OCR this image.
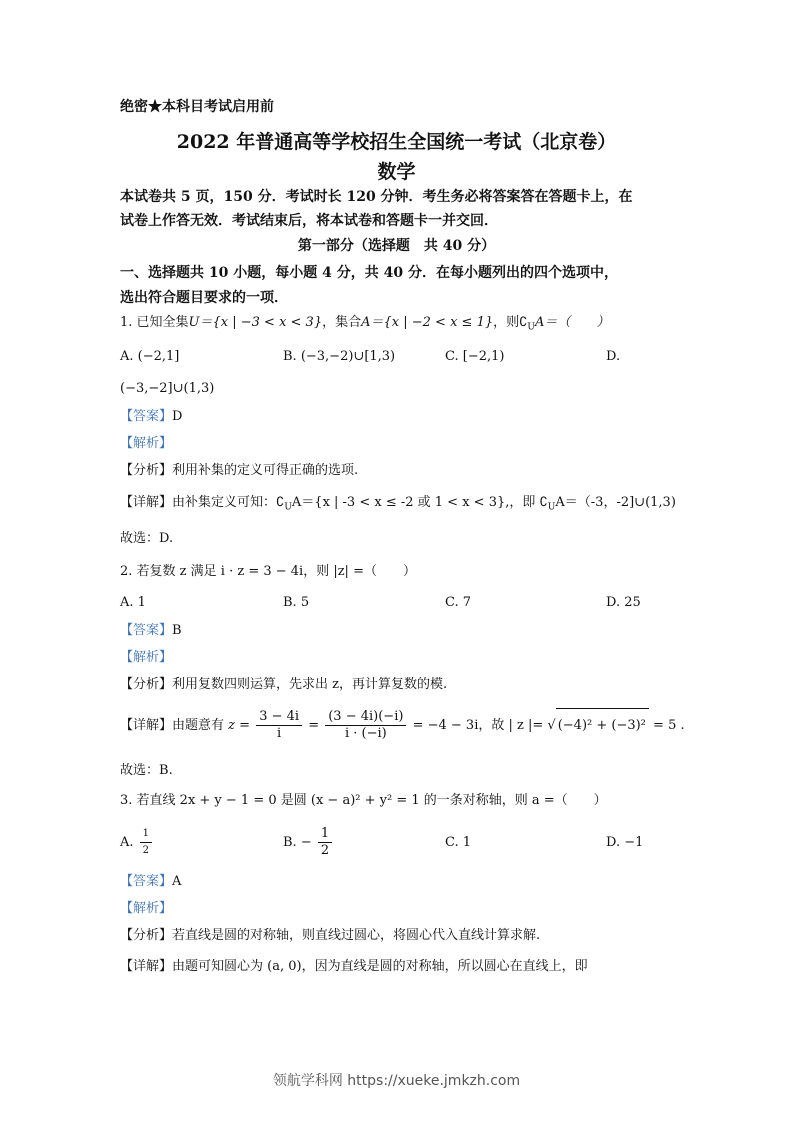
绝密★本科目考试启用前
2022 年普通高等学校招生全国统一考试（北京卷）
数学
本试卷共 5 页，150 分．考试时长 120 分钟．考生务必将答案答在答题卡上，在
试卷上作答无效．考试结束后，将本试卷和答题卡一并交回．
第一部分（选择题　共 40 分）
一、选择题共 10 小题，每小题 4 分，共 40 分．在每小题列出的四个选项中，
选出符合题目要求的一项．
1. 已知全集U＝{x | −3 < x < 3}，集合A＝{x | −2 < x ≤ 1}，则$∁_UA=$（　　）
A. (−2,1]	B. (−3,−2)∪[1,3)	C. [−2,1)	D.
(−3,−2]∪(1,3)
【答案】D
【解析】
【分析】利用补集的定义可得正确的选项.
【详解】由补集定义可知：$∁_UA=\{x$ | -3 < x ≤ -2 或 1 < x < 3},，即 $∁_UA=(-3$，-2]∪(1,3)
故选：D.
2. 若复数 z 满足 i · z = 3 − 4i，则 |z| =（　　）
A. 1	B. 5	C. 7	D. 25
【答案】B
【解析】
【分析】利用复数四则运算，先求出 z，再计算复数的模.
【详解】由题意有 $z = \frac{3 - 4i}{i} = \frac{(3 - 4i)(-i)}{i \cdot (-i)} = -4 - 3i$，故 | z |= √ (−4)² + (−3)² = 5 .
故选：B.
3. 若直线 2x + y − 1 = 0 是圆 (x − a)² + y² = 1 的一条对称轴，则 a =（　　）
A. $\frac{1}{2}$	B. − $\frac{1}{2}$	C. 1	D. −1
【答案】A
【解析】
【分析】若直线是圆的对称轴，则直线过圆心，将圆心代入直线计算求解.
【详解】由题可知圆心为 (a, 0)，因为直线是圆的对称轴，所以圆心在直线上，即
领航学科网 https://xueke.jmkzh.com
